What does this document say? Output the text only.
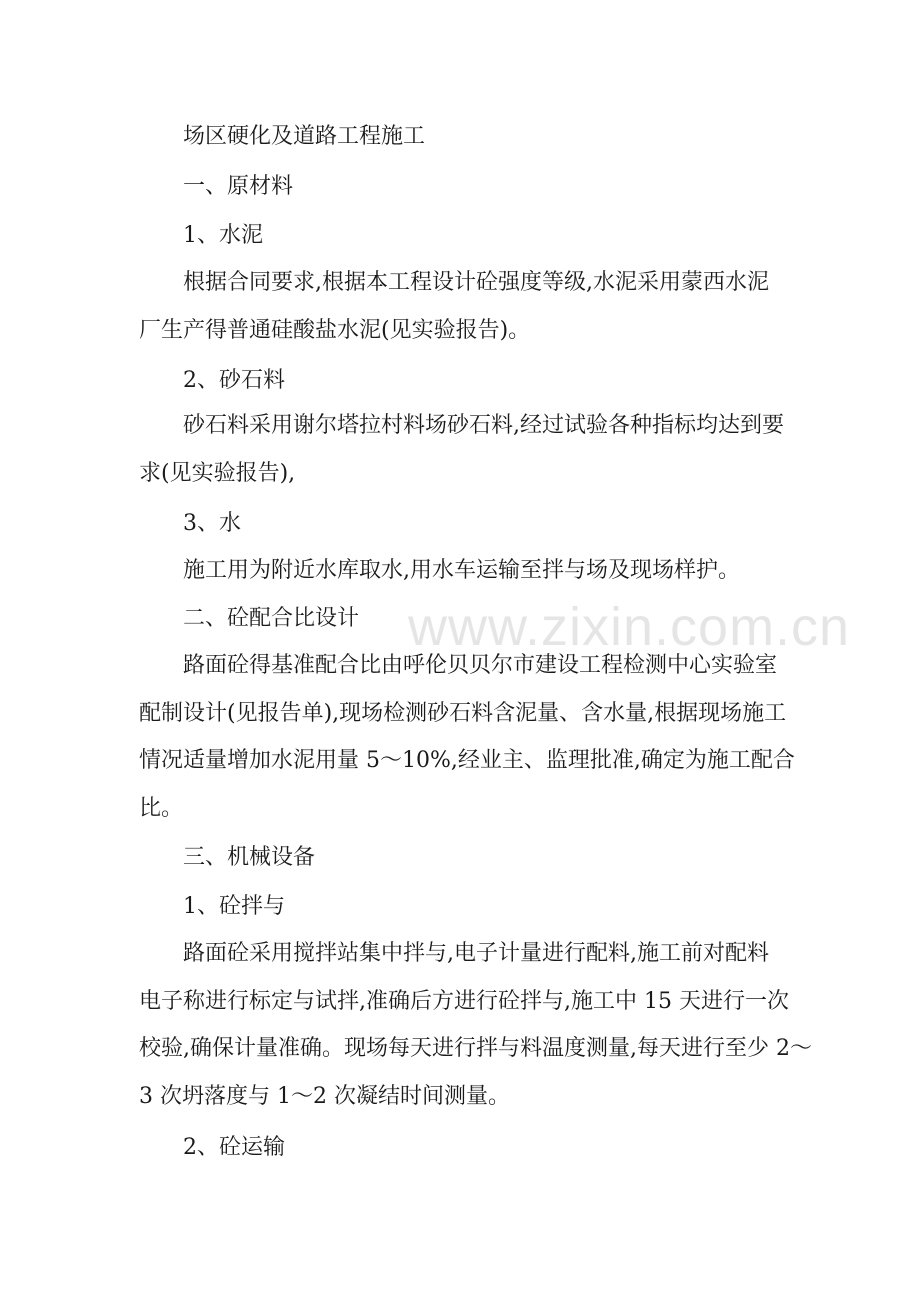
www.zixin.com.cn
场区硬化及道路工程施工
一、原材料
1、水泥
根据合同要求,根据本工程设计砼强度等级,水泥采用蒙西水泥
厂生产得普通硅酸盐水泥(见实验报告)。
2、砂石料
砂石料采用谢尔塔拉村料场砂石料,经过试验各种指标均达到要
求(见实验报告),
3、水
施工用为附近水库取水,用水车运输至拌与场及现场样护。
二、砼配合比设计
路面砼得基准配合比由呼伦贝贝尔市建设工程检测中心实验室
配制设计(见报告单),现场检测砂石料含泥量、含水量,根据现场施工
情况适量增加水泥用量 5～10%,经业主、监理批准,确定为施工配合
比。
三、机械设备
1、砼拌与
路面砼采用搅拌站集中拌与,电子计量进行配料,施工前对配料
电子称进行标定与试拌,准确后方进行砼拌与,施工中 15 天进行一次
校验,确保计量准确。现场每天进行拌与料温度测量,每天进行至少 2～
3 次坍落度与 1～2 次凝结时间测量。
2、砼运输
